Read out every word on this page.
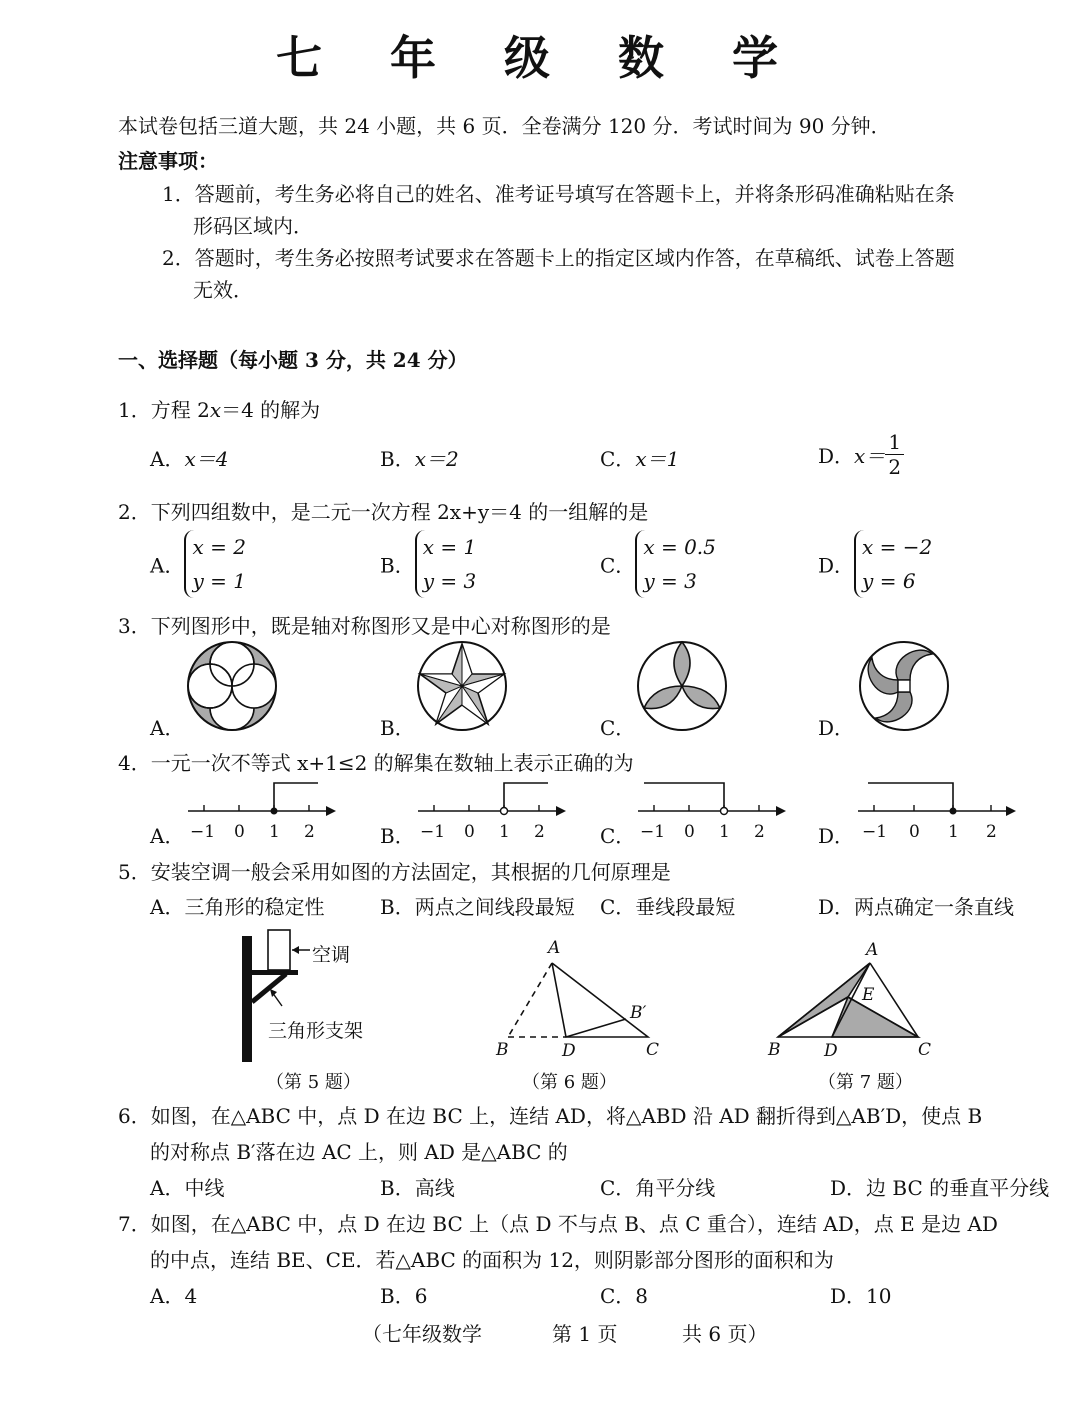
七 年 级 数 学
本试卷包括三道大题，共 24 小题，共 6 页．全卷满分 120 分．考试时间为 90 分钟．
注意事项：
1．答题前，考生务必将自己的姓名、准考证号填写在答题卡上，并将条形码准确粘贴在条
形码区域内．
2．答题时，考生务必按照考试要求在答题卡上的指定区域内作答，在草稿纸、试卷上答题
无效．
一、选择题（每小题 3 分，共 24 分）
1．方程 2x＝4 的解为
A．x＝4	B．x＝2	C．x＝1	D．$x= \frac{1}{2}$
2．下列四组数中，是二元一次方程 2x+y＝4 的一组解的是
A．x = 2
y = 1
B．x = 1
y = 3
C．x = 0.5
y = 3
D．x = −2
y = 6
3．下列图形中，既是轴对称图形又是中心对称图形的是
A．	B．	C．	D．
4．一元一次不等式 x+1≤2 的解集在数轴上表示正确的为
A．	B．	C．	D．
−1 0 1 2	−1 0 1 2	−1 0 1 2	−1 0 1 2
5．安装空调一般会采用如图的方法固定，其根据的几何原理是
A．三角形的稳定性	B．两点之间线段最短 C．垂线段最短	D．两点确定一条直线
空调
三角形支架
（第 5 题）
A
B	D	C
B′
（第 6 题）
A
B	D	C
E
（第 7 题）
6．如图，在△ABC 中，点 D 在边 BC 上，连结 AD，将△ABD 沿 AD 翻折得到△AB′D，使点 B
的对称点 B′落在边 AC 上，则 AD 是△ABC 的
A．中线	B．高线	C．角平分线	D．边 BC 的垂直平分线
7．如图，在△ABC 中，点 D 在边 BC 上（点 D 不与点 B、点 C 重合），连结 AD，点 E 是边 AD
的中点，连结 BE、CE．若△ABC 的面积为 12，则阴影部分图形的面积和为
A．4	B．6	C．8	D．10
（七年级数学	第 1 页	共 6 页）
